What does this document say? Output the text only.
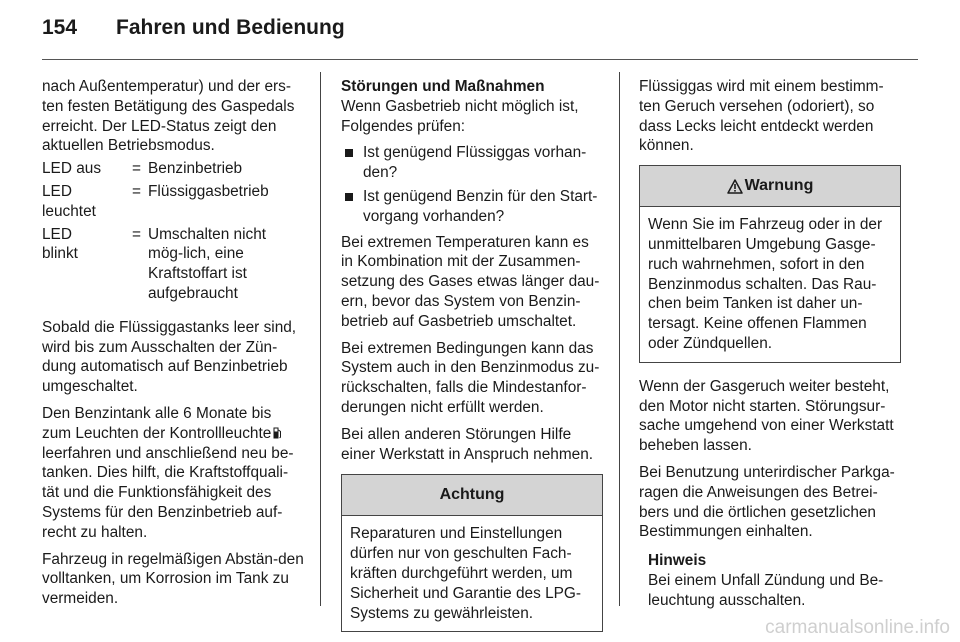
154 Fahren und Bedienung

nach Außentemperatur) und der ers-ten festen Betätigung des Gaspedals erreicht. Der LED-Status zeigt den aktuellen Betriebsmodus.

LED aus	= Benzinbetrieb
LED leuchtet
= Flüssiggasbetrieb
LED blinkt
= Umschalten nicht mög-lich, eine Kraftstoffart ist aufgebraucht

Sobald die Flüssiggastanks leer sind, wird bis zum Ausschalten der Zün-dung automatisch auf Benzinbetrieb umgeschaltet.

Den Benzintank alle 6 Monate bis zum Leuchten der Kontrollleuchte leerfahren und anschließend neu be-tanken. Dies hilft, die Kraftstoffquali-tät und die Funktionsfähigkeit des Systems für den Benzinbetrieb auf-recht zu halten.

Fahrzeug in regelmäßigen Abstän-den volltanken, um Korrosion im Tank zu vermeiden.

Störungen und Maßnahmen

Wenn Gasbetrieb nicht möglich ist, Folgendes prüfen:

Ist genügend Flüssiggas vorhan-den?
Ist genügend Benzin für den Start-vorgang vorhanden?

Bei extremen Temperaturen kann es in Kombination mit der Zusammen-setzung des Gases etwas länger dau-ern, bevor das System von Benzin-betrieb auf Gasbetrieb umschaltet.

Bei extremen Bedingungen kann das System auch in den Benzinmodus zu-rückschalten, falls die Mindestanfor-derungen nicht erfüllt werden.

Bei allen anderen Störungen Hilfe einer Werkstatt in Anspruch nehmen.

Achtung
Reparaturen und Einstellungen dürfen nur von geschulten Fach-kräften durchgeführt werden, um Sicherheit und Garantie des LPG-Systems zu gewährleisten.

Flüssiggas wird mit einem bestimm-ten Geruch versehen (odoriert), so dass Lecks leicht entdeckt werden können.

Warnung
Wenn Sie im Fahrzeug oder in der unmittelbaren Umgebung Gasge-ruch wahrnehmen, sofort in den Benzinmodus schalten. Das Rau-chen beim Tanken ist daher un-tersagt. Keine offenen Flammen oder Zündquellen.

Wenn der Gasgeruch weiter besteht, den Motor nicht starten. Störungsur-sache umgehend von einer Werkstatt beheben lassen.

Bei Benutzung unterirdischer Parkga-ragen die Anweisungen des Betrei-bers und die örtlichen gesetzlichen Bestimmungen einhalten.

Hinweis
Bei einem Unfall Zündung und Be-leuchtung ausschalten.
carmanualsonline.info
